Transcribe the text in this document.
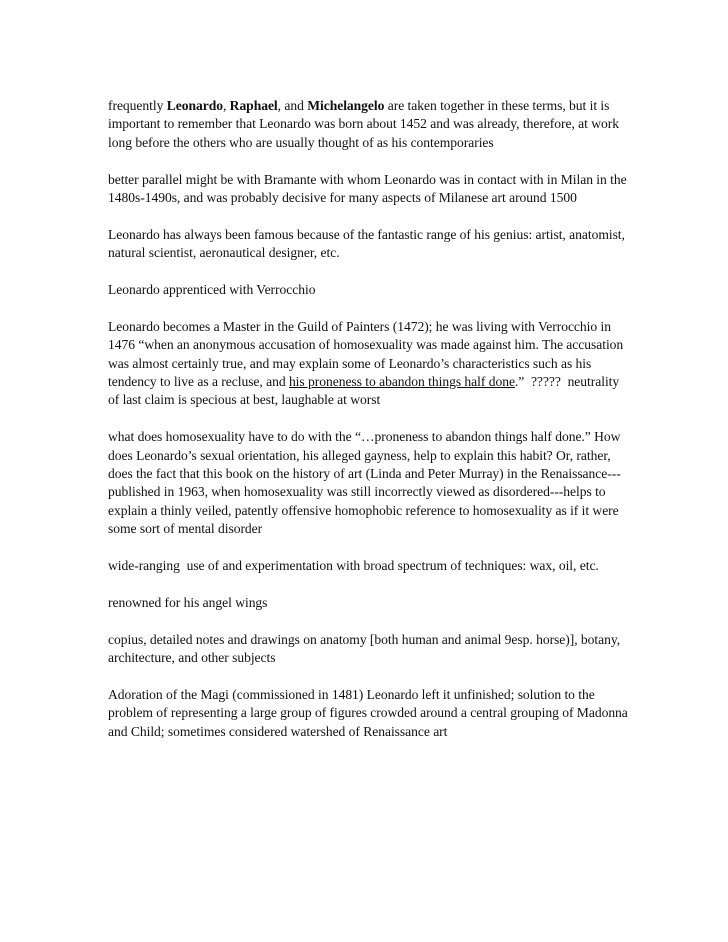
frequently Leonardo, Raphael, and Michelangelo are taken together in these terms, but it is important to remember that Leonardo was born about 1452 and was already, therefore, at work long before the others who are usually thought of as his contemporaries

better parallel might be with Bramante with whom Leonardo was in contact with in Milan in the 1480s-1490s, and was probably decisive for many aspects of Milanese art around 1500

Leonardo has always been famous because of the fantastic range of his genius: artist, anatomist, natural scientist, aeronautical designer, etc.

Leonardo apprenticed with Verrocchio

Leonardo becomes a Master in the Guild of Painters (1472); he was living with Verrocchio in 1476 “when an anonymous accusation of homosexuality was made against him. The accusation was almost certainly true, and may explain some of Leonardo’s characteristics such as his tendency to live as a recluse, and his proneness to abandon things half done.”  ?????  neutrality of last claim is specious at best, laughable at worst

what does homosexuality have to do with the “…proneness to abandon things half done.” How does Leonardo’s sexual orientation, his alleged gayness, help to explain this habit? Or, rather, does the fact that this book on the history of art (Linda and Peter Murray) in the Renaissance---published in 1963, when homosexuality was still incorrectly viewed as disordered---helps to explain a thinly veiled, patently offensive homophobic reference to homosexuality as if it were some sort of mental disorder

wide-ranging  use of and experimentation with broad spectrum of techniques: wax, oil, etc.

renowned for his angel wings

copius, detailed notes and drawings on anatomy [both human and animal 9esp. horse)], botany, architecture, and other subjects

Adoration of the Magi (commissioned in 1481) Leonardo left it unfinished; solution to the problem of representing a large group of figures crowded around a central grouping of Madonna and Child; sometimes considered watershed of Renaissance art
